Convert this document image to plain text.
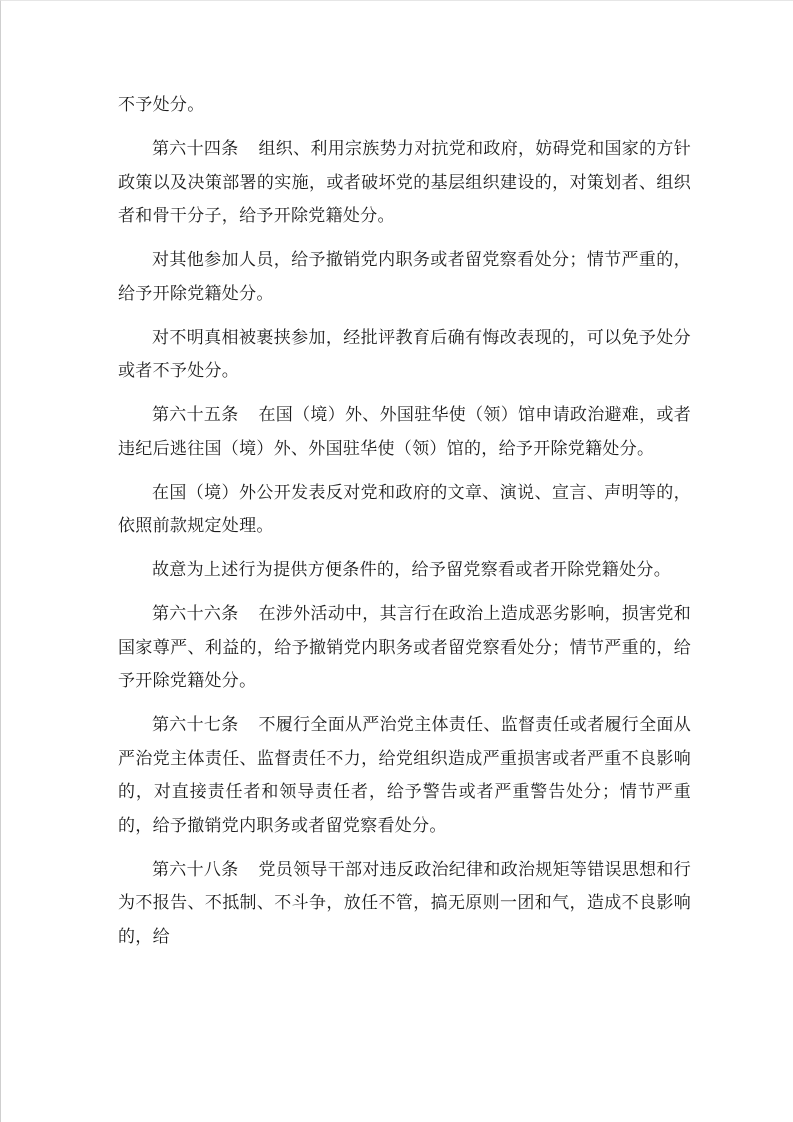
不予处分。

第六十四条 组织、利用宗族势力对抗党和政府，妨碍党和国家的方针政策以及决策部署的实施，或者破坏党的基层组织建设的，对策划者、组织者和骨干分子，给予开除党籍处分。

对其他参加人员，给予撤销党内职务或者留党察看处分；情节严重的，给予开除党籍处分。

对不明真相被裹挟参加，经批评教育后确有悔改表现的，可以免予处分或者不予处分。

第六十五条 在国（境）外、外国驻华使（领）馆申请政治避难，或者违纪后逃往国（境）外、外国驻华使（领）馆的，给予开除党籍处分。

在国（境）外公开发表反对党和政府的文章、演说、宣言、声明等的，依照前款规定处理。

故意为上述行为提供方便条件的，给予留党察看或者开除党籍处分。

第六十六条 在涉外活动中，其言行在政治上造成恶劣影响，损害党和国家尊严、利益的，给予撤销党内职务或者留党察看处分；情节严重的，给予开除党籍处分。

第六十七条 不履行全面从严治党主体责任、监督责任或者履行全面从严治党主体责任、监督责任不力，给党组织造成严重损害或者严重不良影响的，对直接责任者和领导责任者，给予警告或者严重警告处分；情节严重的，给予撤销党内职务或者留党察看处分。

第六十八条 党员领导干部对违反政治纪律和政治规矩等错误思想和行为不报告、不抵制、不斗争，放任不管，搞无原则一团和气，造成不良影响的，给
